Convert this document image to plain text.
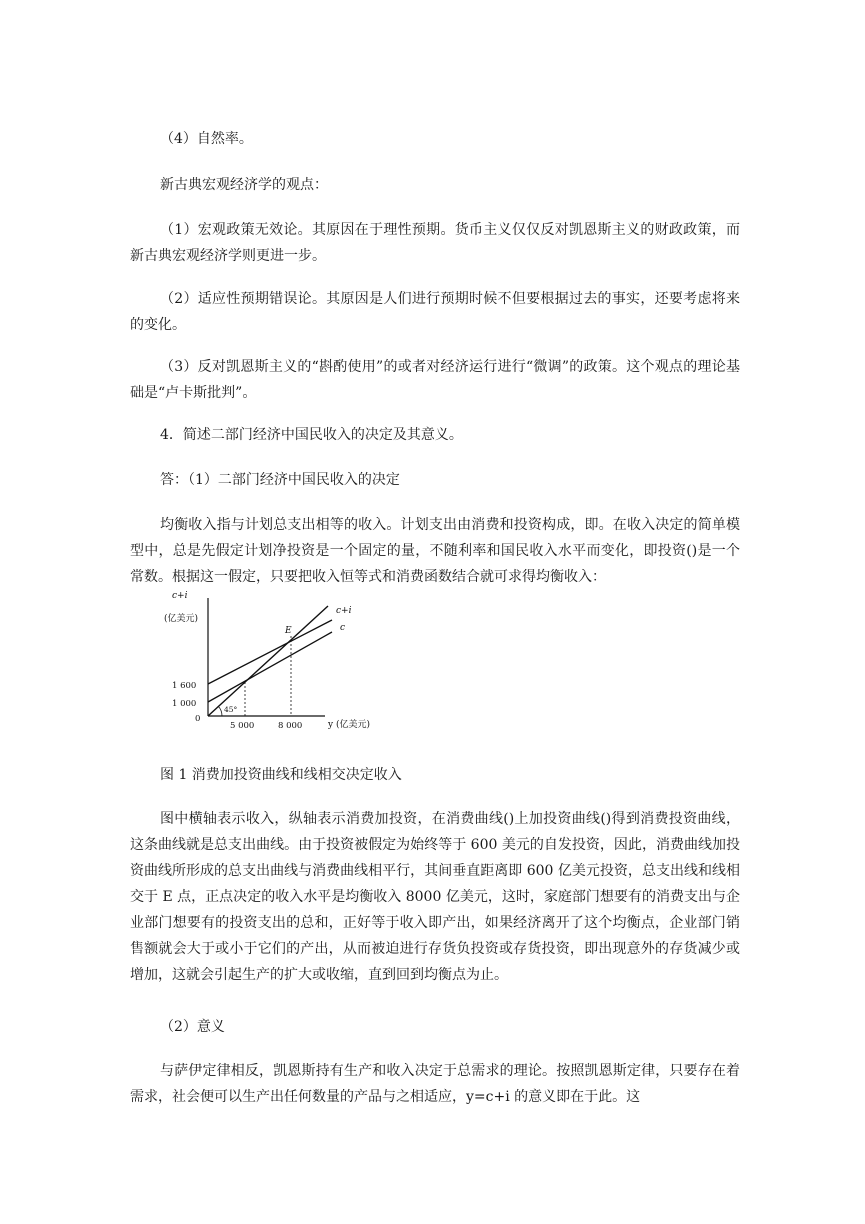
（4）自然率。

新古典宏观经济学的观点：

（1）宏观政策无效论。其原因在于理性预期。货币主义仅仅反对凯恩斯主义的财政政策，而新古典宏观经济学则更进一步。

（2）适应性预期错误论。其原因是人们进行预期时候不但要根据过去的事实，还要考虑将来的变化。

（3）反对凯恩斯主义的“斟酌使用”的或者对经济运行进行“微调”的政策。这个观点的理论基础是“卢卡斯批判”。

4．简述二部门经济中国民收入的决定及其意义。

答：（1）二部门经济中国民收入的决定

均衡收入指与计划总支出相等的收入。计划支出由消费和投资构成，即。在收入决定的简单模型中，总是先假定计划净投资是一个固定的量，不随利率和国民收入水平而变化，即投资()是一个常数。根据这一假定，只要把收入恒等式和消费函数结合就可求得均衡收入：

c+i
(亿美元)
y (亿美元)
1 600
1 000
0
5 000	8 000
45°
E
c+i
c

图 1 消费加投资曲线和线相交决定收入

图中横轴表示收入，纵轴表示消费加投资，在消费曲线()上加投资曲线()得到消费投资曲线，这条曲线就是总支出曲线。由于投资被假定为始终等于 600 美元的自发投资，因此，消费曲线加投资曲线所形成的总支出曲线与消费曲线相平行，其间垂直距离即 600 亿美元投资，总支出线和线相交于 E 点，正点决定的收入水平是均衡收入 8000 亿美元，这时，家庭部门想要有的消费支出与企业部门想要有的投资支出的总和，正好等于收入即产出，如果经济离开了这个均衡点，企业部门销售额就会大于或小于它们的产出，从而被迫进行存货负投资或存货投资，即出现意外的存货减少或增加，这就会引起生产的扩大或收缩，直到回到均衡点为止。

（2）意义

与萨伊定律相反，凯恩斯持有生产和收入决定于总需求的理论。按照凯恩斯定律，只要存在着需求，社会便可以生产出任何数量的产品与之相适应，y=c+i 的意义即在于此。这
